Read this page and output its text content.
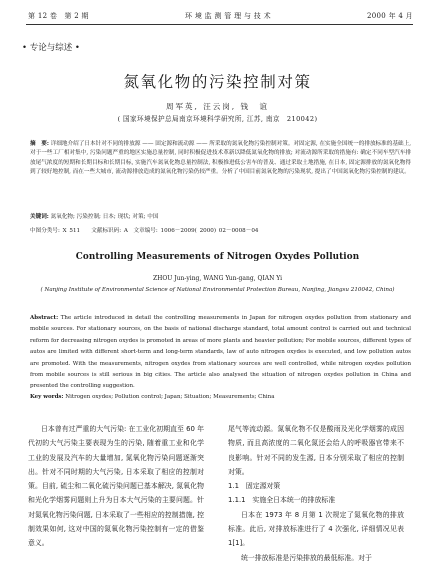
第 12 卷　第 2 期	环 境 监 测 管 理 与 技 术	2000 年 4 月
• 专论与综述 •
氮氧化物的污染控制对策
周军英, 汪云岗, 钱　谊
( 国家环境保护总局南京环境科学研究所, 江苏, 南京　210042)
摘　要: 详细地介绍了日本针对不同的排放源 —— 固定源和流动源 —— 所采取的氮氧化物污染控制对策。对固定源, 在实施全国统一的排放标准的基础上, 对于一些工厂相对集中, 污染问题严重的地区实施总量控制, 同时积极促进技术革新以降低氮氧化物的排放; 对流动源所采取的措施有: 确定不同车型汽车排放尾气浓度的短期和长期目标和长期目标, 实施汽车氮氧化物总量控制法, 积极推进低公害车的普及、通过采取土地措施, 在日本, 固定源排放的氮氧化物得到了较好地控制, 而在一些大城市, 流动源排放造成的氮氧化物污染仍较严重。分析了中国目前氮氧化物的污染现状, 提出了中国氮氧化物污染控制的建议。
关键词: 氮氧化物; 污染控制; 日本; 现状; 对策; 中国
中图分类号: X 511　　文献标识码: A　文章编号: 1006－2009( 2000) 02－0008－04
Controlling Measurements of Nitrogen Oxydes Pollution
ZHOU Jun-ying, WANG Yun-gang, QIAN Yi
( Nanjing Institute of Environmental Science of National Environmental Protection Bureau, Nanjing, Jiangsu 210042, China)
Abstract: The article introduced in detail the controlling measurements in Japan for nitrogen oxydes pollution from stationary and mobile sources. For stationary sources, on the basis of national discharge standard, total amount control is carried out and technical reform for decreasing nitrogen oxydes is promoted in areas of more plants and heavier pollution; For mobile sources, different types of autos are limited with different short-term and long-term standards, law of auto nitrogen oxydes is executed, and low pollution autos are promoted. With the measurements, nitrogen oxydes from stationary sources are well controlled, while nitrogen oxydes pollution from mobile sources is still serious in big cities. The article also analysed the situation of nitrogen oxydes pollution in China and presented the controlling suggestion.
Key words: Nitrogen oxydes; Pollution control; Japan; Situation; Measurements; China
日本曾有过严重的大气污染: 在工业化初期直至 60 年代初的大气污染主要表现为生的污染, 随着重工业和化学工业的发展及汽车的大量增加, 氮氧化物污染问题逐渐突出。针对不同时期的大气污染, 日本采取了相应的控制对策。目前, 硫尘和二氧化硫污染问题已基本解决, 氮氧化物和光化学烟雾问题则上升为日本大气污染的主要问题。针对氮氧化物污染问题, 日本采取了一些相应的控制措施, 控制效果如何, 这对中国的氮氧化物污染控制有一定的借鉴意义。
尾气等流动源。氮氧化物不仅是酸雨及光化学烟雾的成因物质, 而且高浓度的二氧化氮还会给人的呼吸器官带来不良影响。针对不同的发生源, 日本分别采取了相应的控制对策。
1.1　固定源对策
1.1.1　实施全日本统一的排放标准
日本在 1973 年 8 月第 1 次规定了氮氧化物的排放标准。此后, 对排放标准进行了 4 次强化, 详细情况见表 1[1]。
统一排放标准是污染排放的最低标准。对于
